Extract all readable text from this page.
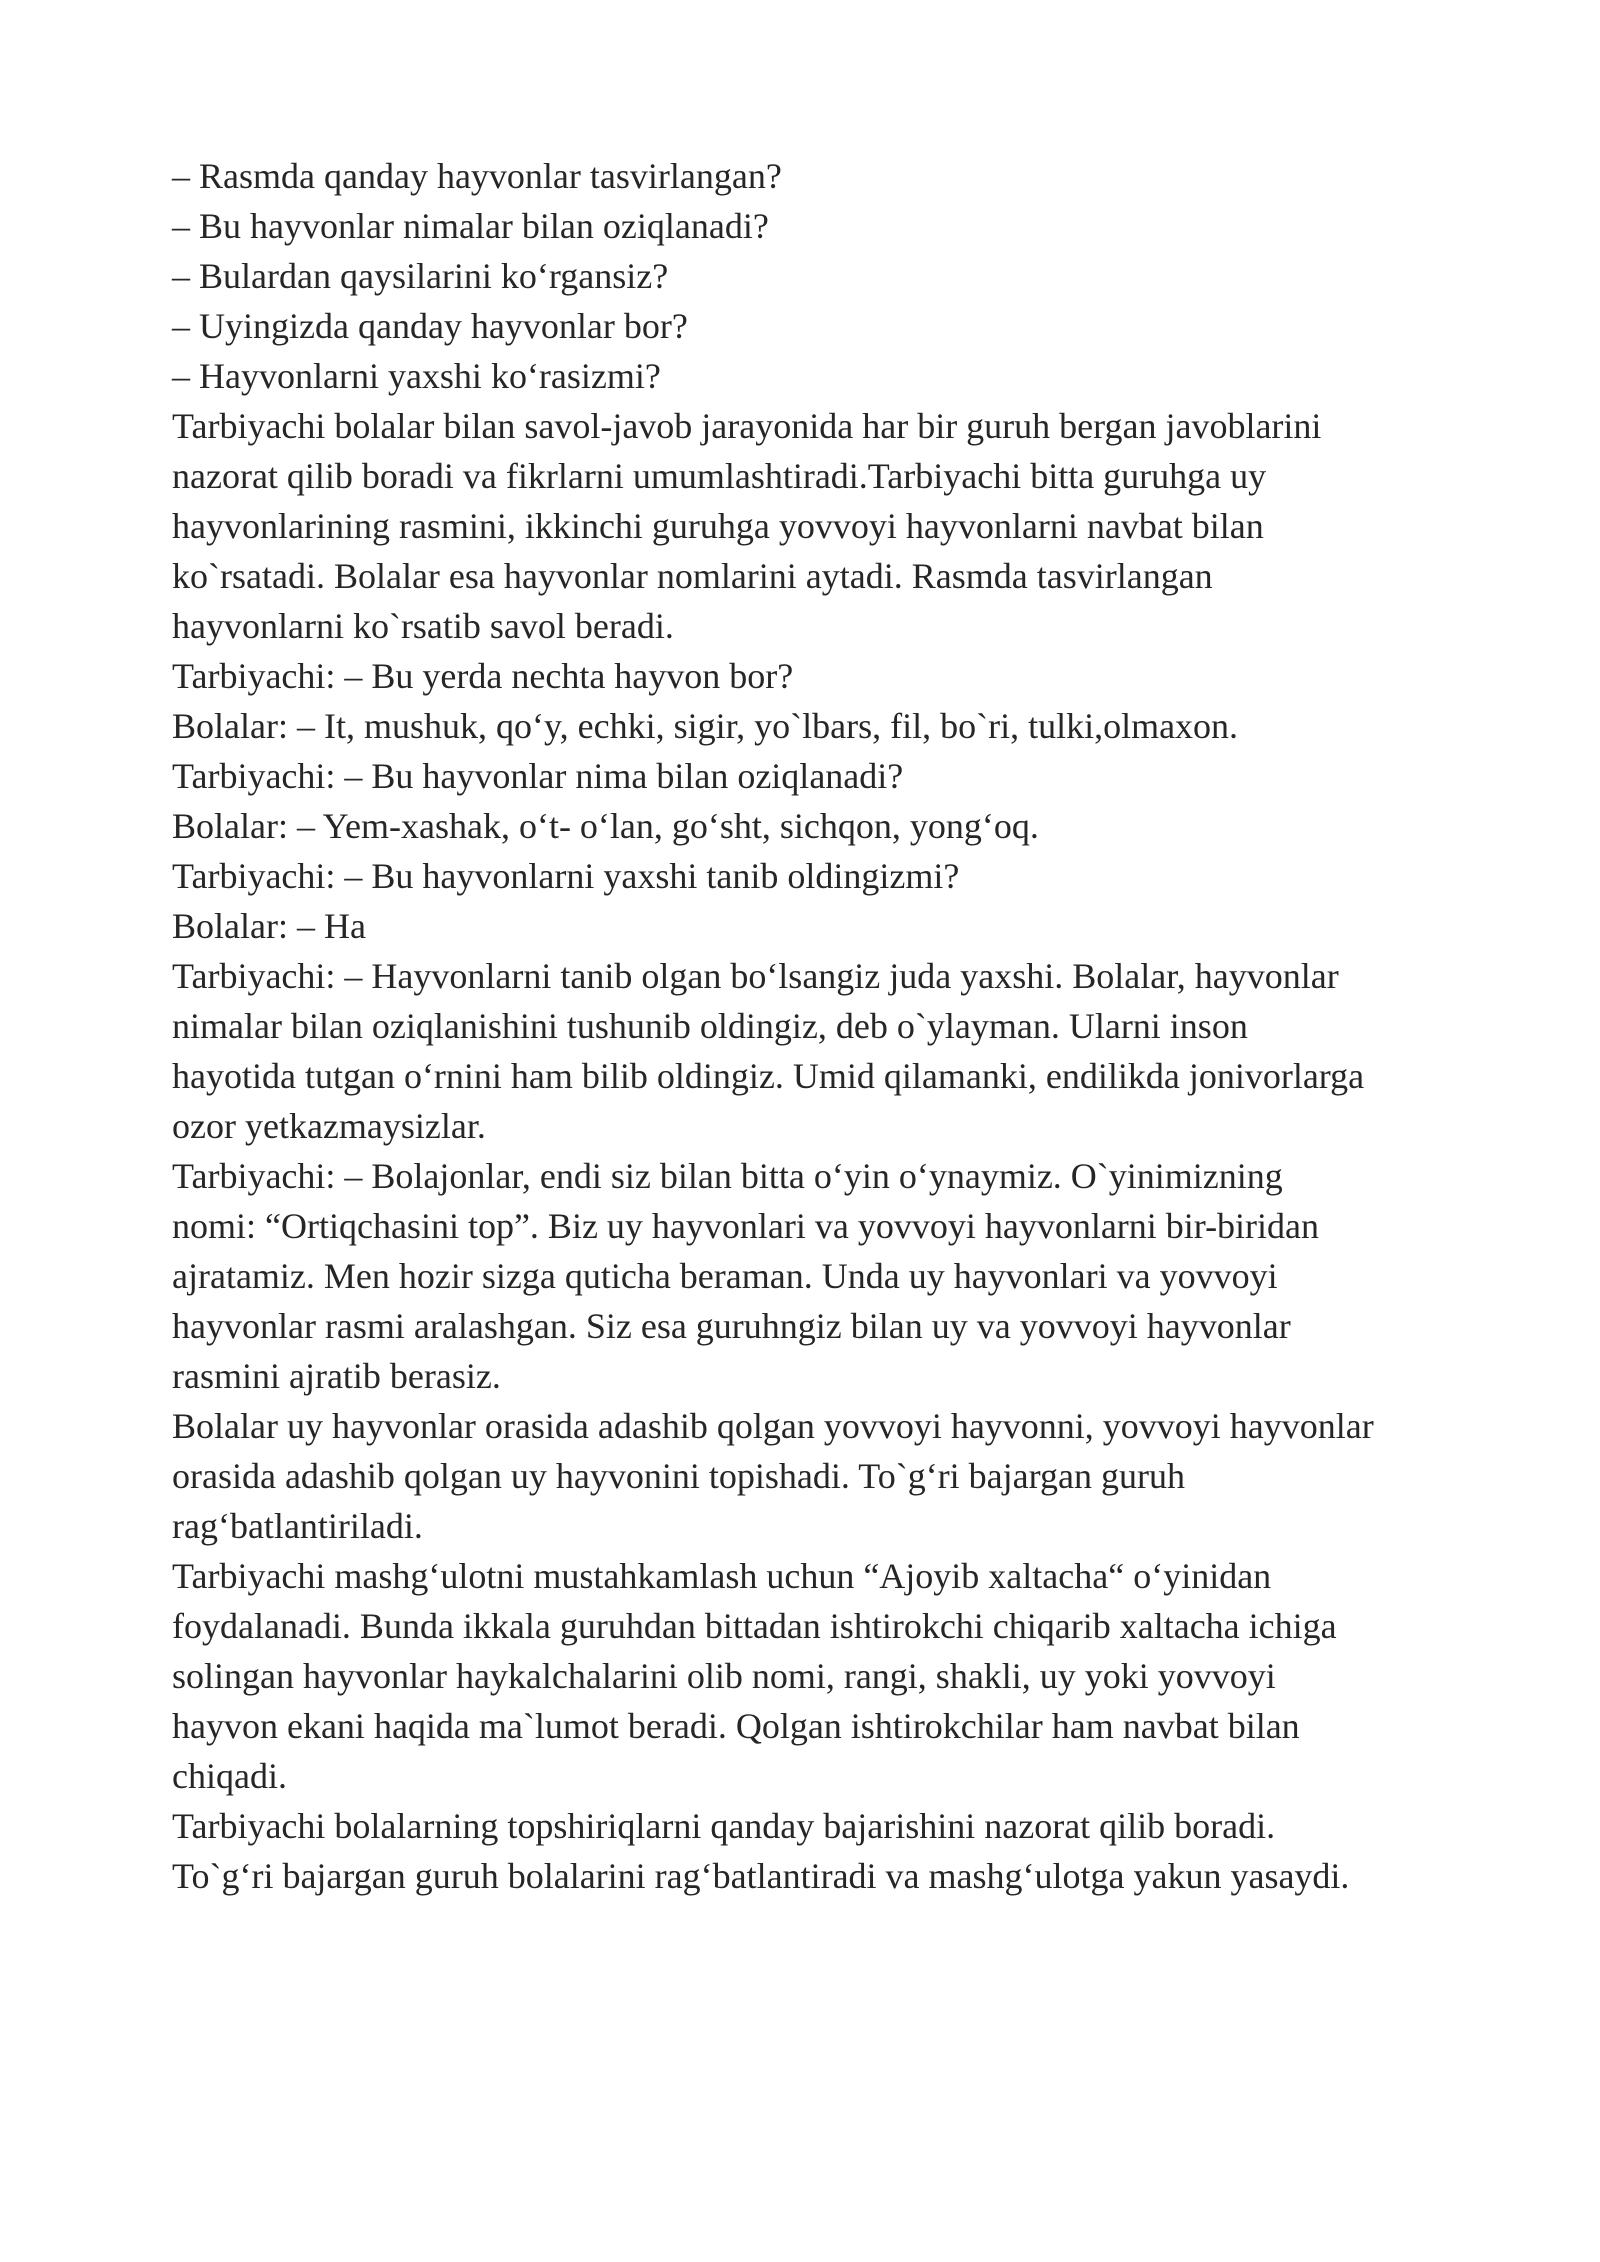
– Rasmda qanday hayvonlar tasvirlangan?
– Bu hayvonlar nimalar bilan oziqlanadi?
– Bulardan qaysilarini ko‘rgansiz?
– Uyingizda qanday hayvonlar bor?
– Hayvonlarni yaxshi ko‘rasizmi?
Tarbiyachi bolalar bilan savol-javob jarayonida har bir guruh bergan javoblarini
nazorat qilib boradi va fikrlarni umumlashtiradi.Tarbiyachi bitta guruhga uy
hayvonlarining rasmini, ikkinchi guruhga yovvoyi hayvonlarni navbat bilan
ko`rsatadi. Bolalar esa hayvonlar nomlarini aytadi. Rasmda tasvirlangan
hayvonlarni ko`rsatib savol beradi.
Tarbiyachi: – Bu yerda nechta hayvon bor?
Bolalar: – It, mushuk, qo‘y, echki, sigir, yo`lbars, fil, bo`ri, tulki,olmaxon.
Tarbiyachi: – Bu hayvonlar nima bilan oziqlanadi?
Bolalar: – Yem-xashak, o‘t- o‘lan, go‘sht, sichqon, yong‘oq.
Tarbiyachi: – Bu hayvonlarni yaxshi tanib oldingizmi?
Bolalar: – Ha
Tarbiyachi: – Hayvonlarni tanib olgan bo‘lsangiz juda yaxshi. Bolalar, hayvonlar
nimalar bilan oziqlanishini tushunib oldingiz, deb o`ylayman. Ularni inson
hayotida tutgan o‘rnini ham bilib oldingiz. Umid qilamanki, endilikda jonivorlarga
ozor yetkazmaysizlar.
Tarbiyachi: – Bolajonlar, endi siz bilan bitta o‘yin o‘ynaymiz. O`yinimizning
nomi: “Ortiqchasini top”. Biz uy hayvonlari va yovvoyi hayvonlarni bir-biridan
ajratamiz. Men hozir sizga quticha beraman. Unda uy hayvonlari va yovvoyi
hayvonlar rasmi aralashgan. Siz esa guruhngiz bilan uy va yovvoyi hayvonlar
rasmini ajratib berasiz.
Bolalar uy hayvonlar orasida adashib qolgan yovvoyi hayvonni, yovvoyi hayvonlar
orasida adashib qolgan uy hayvonini topishadi. To`g‘ri bajargan guruh
rag‘batlantiriladi.
Tarbiyachi mashg‘ulotni mustahkamlash uchun “Ajoyib xaltacha“ o‘yinidan
foydalanadi. Bunda ikkala guruhdan bittadan ishtirokchi chiqarib xaltacha ichiga
solingan hayvonlar haykalchalarini olib nomi, rangi, shakli, uy yoki yovvoyi
hayvon ekani haqida ma`lumot beradi. Qolgan ishtirokchilar ham navbat bilan
chiqadi.
Tarbiyachi bolalarning topshiriqlarni qanday bajarishini nazorat qilib boradi.
To`g‘ri bajargan guruh bolalarini rag‘batlantiradi va mashg‘ulotga yakun yasaydi.
